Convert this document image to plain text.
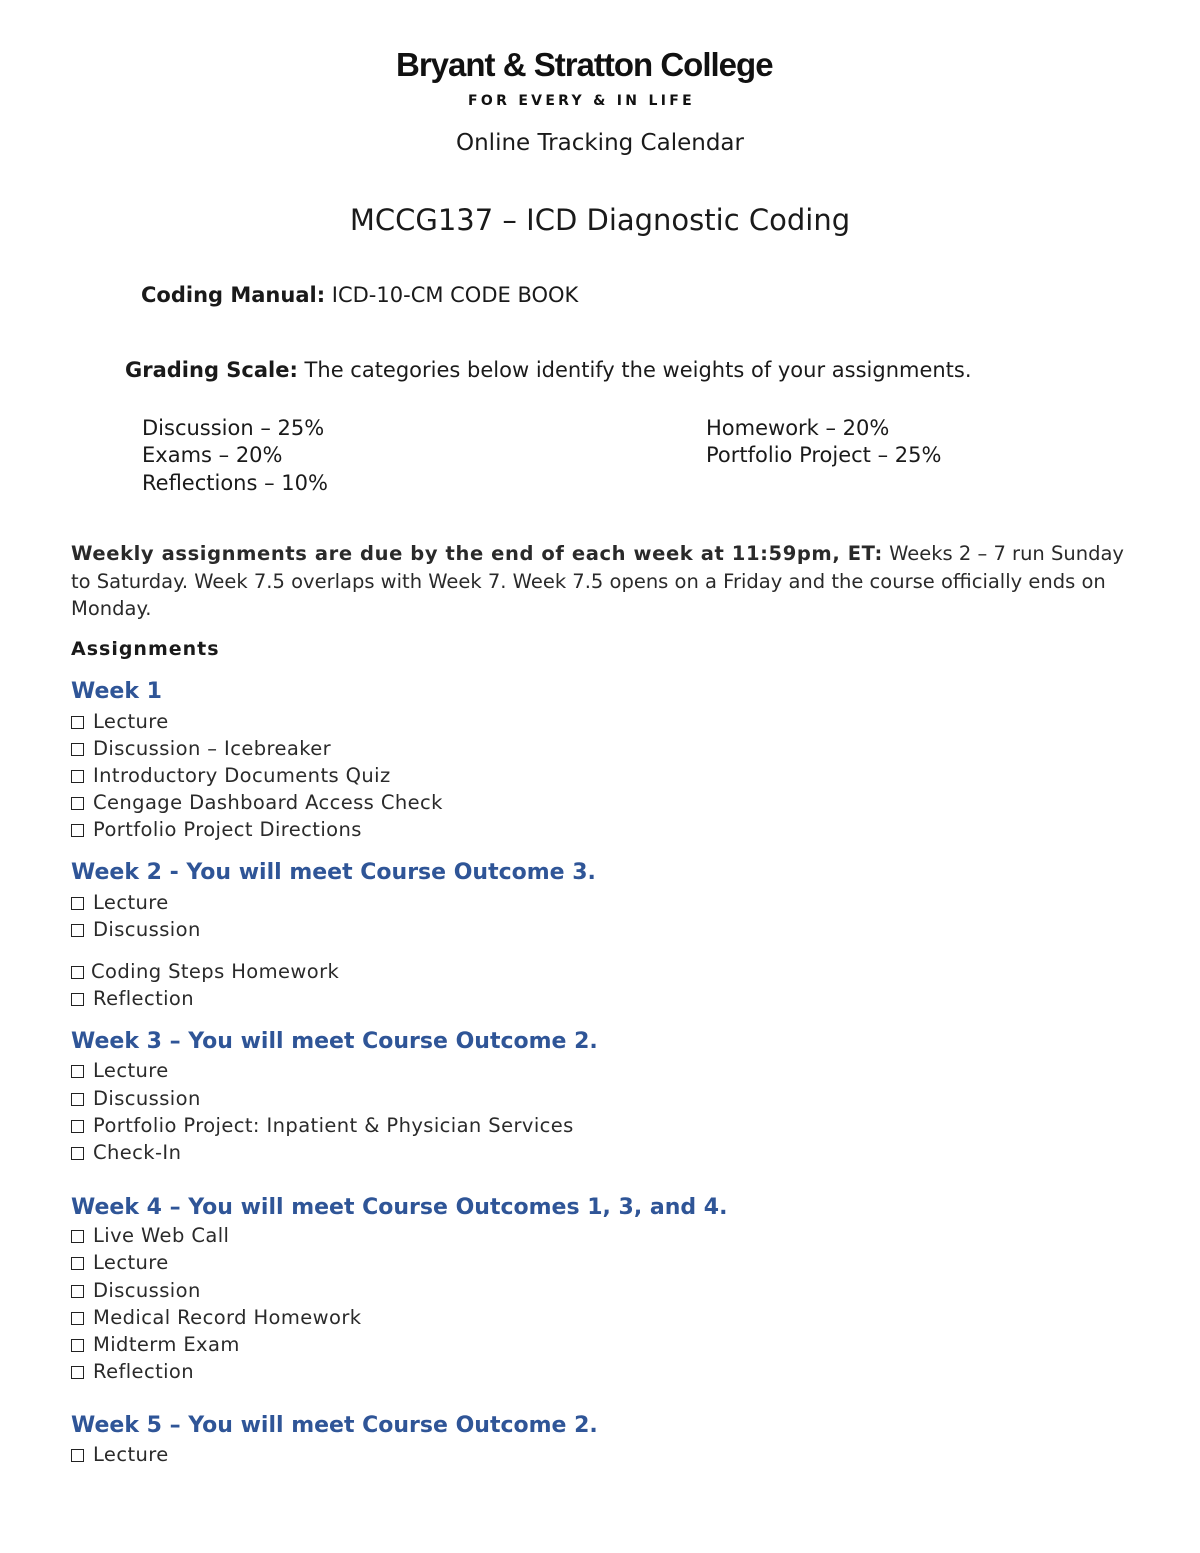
Bryant & Stratton College
FOR EVERY & IN LIFE
Online Tracking Calendar
MCCG137 – ICD Diagnostic Coding
Coding Manual: ICD-10-CM CODE BOOK
Grading Scale: The categories below identify the weights of your assignments.
Discussion – 25%
Exams – 20%
Reflections – 10%
Homework – 20%
Portfolio Project – 25%
Weekly assignments are due by the end of each week at 11:59pm, ET: Weeks 2 – 7 run Sunday to Saturday. Week 7.5 overlaps with Week 7. Week 7.5 opens on a Friday and the course officially ends on Monday.
Assignments
Week 1
Lecture
Discussion – Icebreaker
Introductory Documents Quiz
Cengage Dashboard Access Check
Portfolio Project Directions
Week 2 - You will meet Course Outcome 3.
Lecture
Discussion
Coding Steps Homework
Reflection
Week 3 – You will meet Course Outcome 2.
Lecture
Discussion
Portfolio Project: Inpatient & Physician Services
Check-In
Week 4 – You will meet Course Outcomes 1, 3, and 4.
Live Web Call
Lecture
Discussion
Medical Record Homework
Midterm Exam
Reflection
Week 5 – You will meet Course Outcome 2.
Lecture
